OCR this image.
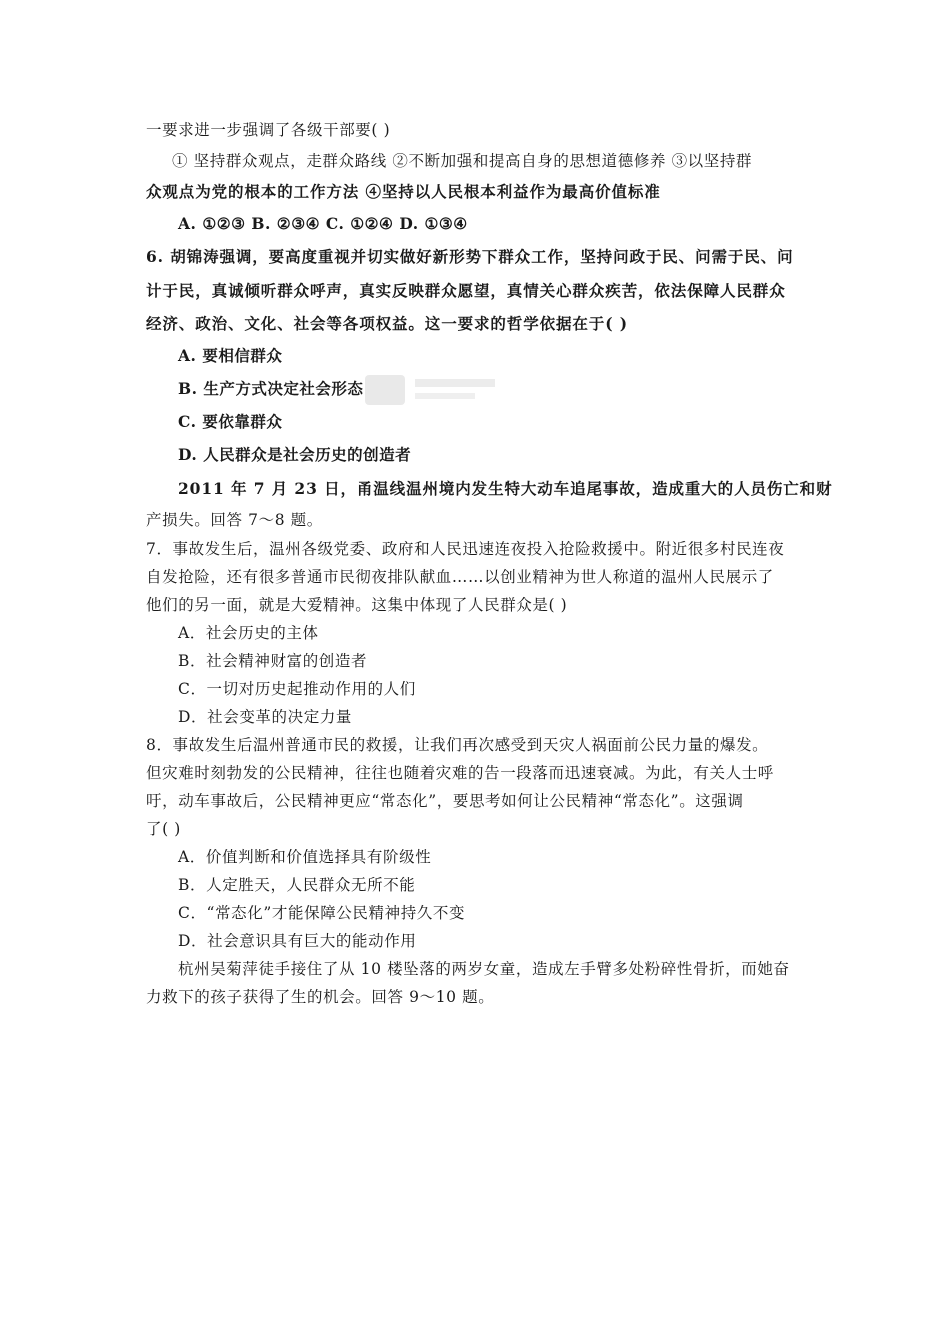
一要求进一步强调了各级干部要( )
① 坚持群众观点，走群众路线 ②不断加强和提高自身的思想道德修养 ③以坚持群
众观点为党的根本的工作方法 ④坚持以人民根本利益作为最高价值标准
A. ①②③ B. ②③④ C. ①②④ D. ①③④
6. 胡锦涛强调，要高度重视并切实做好新形势下群众工作，坚持问政于民、问需于民、问
计于民，真诚倾听群众呼声，真实反映群众愿望，真情关心群众疾苦，依法保障人民群众
经济、政治、文化、社会等各项权益。这一要求的哲学依据在于( )
A. 要相信群众
B. 生产方式决定社会形态
C. 要依靠群众
D. 人民群众是社会历史的创造者
2011 年 7 月 23 日，甬温线温州境内发生特大动车追尾事故，造成重大的人员伤亡和财
产损失。回答 7～8 题。
7．事故发生后，温州各级党委、政府和人民迅速连夜投入抢险救援中。附近很多村民连夜
自发抢险，还有很多普通市民彻夜排队献血……以创业精神为世人称道的温州人民展示了
他们的另一面，就是大爱精神。这集中体现了人民群众是( )
A．社会历史的主体
B．社会精神财富的创造者
C．一切对历史起推动作用的人们
D．社会变革的决定力量
8．事故发生后温州普通市民的救援，让我们再次感受到天灾人祸面前公民力量的爆发。
但灾难时刻勃发的公民精神，往往也随着灾难的告一段落而迅速衰减。为此，有关人士呼
吁，动车事故后，公民精神更应“常态化”，要思考如何让公民精神“常态化”。这强调
了( )
A．价值判断和价值选择具有阶级性
B．人定胜天，人民群众无所不能
C．“常态化”才能保障公民精神持久不变
D．社会意识具有巨大的能动作用
杭州吴菊萍徒手接住了从 10 楼坠落的两岁女童，造成左手臂多处粉碎性骨折，而她奋
力救下的孩子获得了生的机会。回答 9～10 题。
